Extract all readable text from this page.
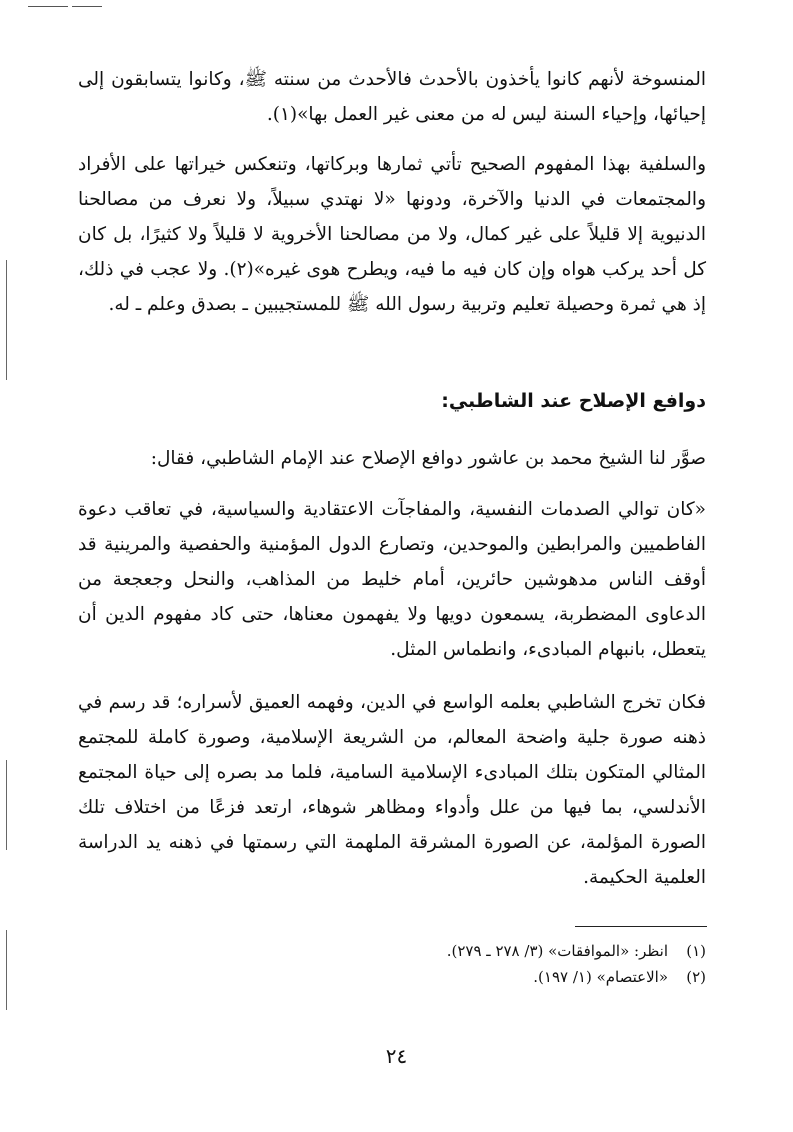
المنسوخة لأنهم كانوا يأخذون بالأحدث فالأحدث من سنته ﷺ، وكانوا يتسابقون إلى إحيائها، وإحياء السنة ليس له من معنى غير العمل بها»(١).

والسلفية بهذا المفهوم الصحيح تأتي ثمارها وبركاتها، وتنعكس خيراتها على الأفراد والمجتمعات في الدنيا والآخرة، ودونها «لا نهتدي سبيلاً، ولا نعرف من مصالحنا الدنيوية إلا قليلاً على غير كمال، ولا من مصالحنا الأخروية لا قليلاً ولا كثيرًا، بل كان كل أحد يركب هواه وإن كان فيه ما فيه، ويطرح هوى غيره»(٢). ولا عجب في ذلك، إذ هي ثمرة وحصيلة تعليم وتربية رسول الله ﷺ للمستجيبين ـ بصدق وعلم ـ له.

دوافع الإصلاح عند الشاطبي:

صوَّر لنا الشيخ محمد بن عاشور دوافع الإصلاح عند الإمام الشاطبي، فقال:

«كان توالي الصدمات النفسية، والمفاجآت الاعتقادية والسياسية، في تعاقب دعوة الفاطميين والمرابطين والموحدين، وتصارع الدول المؤمنية والحفصية والمرينية قد أوقف الناس مدهوشين حائرين، أمام خليط من المذاهب، والنحل وجعجعة من الدعاوى المضطربة، يسمعون دويها ولا يفهمون معناها، حتى كاد مفهوم الدين أن يتعطل، بانبهام المبادىء، وانطماس المثل.

فكان تخرج الشاطبي بعلمه الواسع في الدين، وفهمه العميق لأسراره؛ قد رسم في ذهنه صورة جلية واضحة المعالم، من الشريعة الإسلامية، وصورة كاملة للمجتمع المثالي المتكون بتلك المبادىء الإسلامية السامية، فلما مد بصره إلى حياة المجتمع الأندلسي، بما فيها من علل وأدواء ومظاهر شوهاء، ارتعد فزعًا من اختلاف تلك الصورة المؤلمة، عن الصورة المشرقة الملهمة التي رسمتها في ذهنه يد الدراسة العلمية الحكيمة.

(١)
انظر: «الموافقات» (٣/ ٢٧٨ ـ ٢٧٩).
(٢)
«الاعتصام» (١/ ١٩٧).
٢٤
